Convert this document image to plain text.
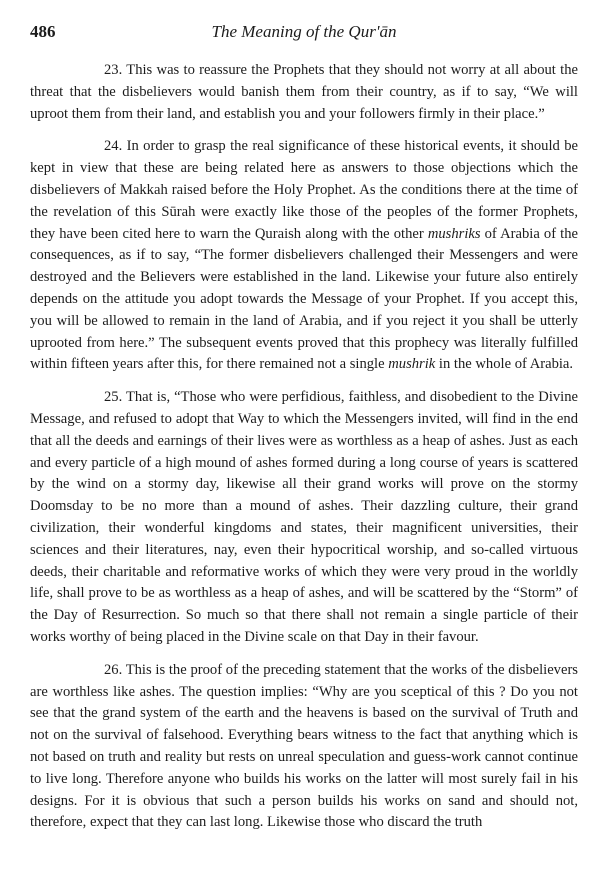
486	The Meaning of the Qur'ān

23. This was to reassure the Prophets that they should not worry at all about the threat that the disbelievers would banish them from their country, as if to say, “We will uproot them from their land, and establish you and your followers firmly in their place.”

24. In order to grasp the real significance of these historical events, it should be kept in view that these are being related here as answers to those objections which the disbelievers of Makkah raised before the Holy Prophet. As the conditions there at the time of the revelation of this Sūrah were exactly like those of the peoples of the former Prophets, they have been cited here to warn the Quraish along with the other mushriks of Arabia of the consequences, as if to say, “The former disbelievers challenged their Messengers and were destroyed and the Believers were established in the land. Likewise your future also entirely depends on the attitude you adopt towards the Message of your Prophet. If you accept this, you will be allowed to remain in the land of Arabia, and if you reject it you shall be utterly uprooted from here.” The subsequent events proved that this prophecy was literally fulfilled within fifteen years after this, for there remained not a single mushrik in the whole of Arabia.

25. That is, “Those who were perfidious, faithless, and disobedient to the Divine Message, and refused to adopt that Way to which the Messengers invited, will find in the end that all the deeds and earnings of their lives were as worthless as a heap of ashes. Just as each and every particle of a high mound of ashes formed during a long course of years is scattered by the wind on a stormy day, likewise all their grand works will prove on the stormy Doomsday to be no more than a mound of ashes. Their dazzling culture, their grand civilization, their wonderful kingdoms and states, their magnificent universities, their sciences and their literatures, nay, even their hypocritical worship, and so-called virtuous deeds, their charitable and reformative works of which they were very proud in the worldly life, shall prove to be as worthless as a heap of ashes, and will be scattered by the “Storm” of the Day of Resurrection. So much so that there shall not remain a single particle of their works worthy of being placed in the Divine scale on that Day in their favour.

26. This is the proof of the preceding statement that the works of the disbelievers are worthless like ashes. The question implies: “Why are you sceptical of this ? Do you not see that the grand system of the earth and the heavens is based on the survival of Truth and not on the survival of falsehood. Everything bears witness to the fact that anything which is not based on truth and reality but rests on unreal speculation and guess-work cannot continue to live long. Therefore anyone who builds his works on the latter will most surely fail in his designs. For it is obvious that such a person builds his works on sand and should not, therefore, expect that they can last long. Likewise those who discard the truth
